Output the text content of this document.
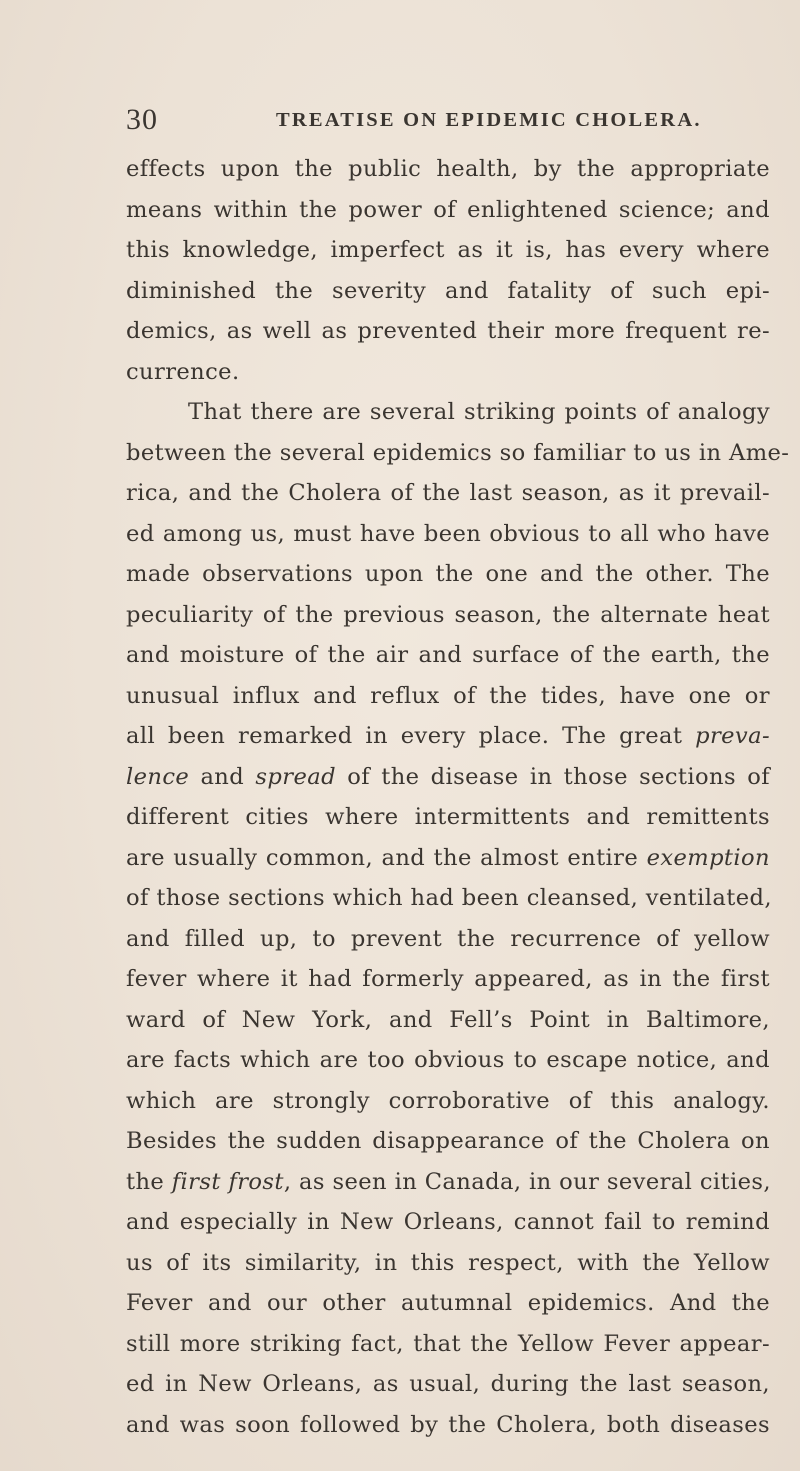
30	TREATISE ON EPIDEMIC CHOLERA.
effects upon the public health, by the appropriate
means within the power of enlightened science; and
this knowledge, imperfect as it is, has every where
diminished the severity and fatality of such epi-
demics, as well as prevented their more frequent re-
currence.
That there are several striking points of analogy
between the several epidemics so familiar to us in Ame-
rica, and the Cholera of the last season, as it prevail-
ed among us, must have been obvious to all who have
made observations upon the one and the other. The
peculiarity of the previous season, the alternate heat
and moisture of the air and surface of the earth, the
unusual influx and reflux of the tides, have one or
all been remarked in every place. The great preva-
lence and spread of the disease in those sections of
different cities where intermittents and remittents
are usually common, and the almost entire exemption
of those sections which had been cleansed, ventilated,
and filled up, to prevent the recurrence of yellow
fever where it had formerly appeared, as in the first
ward of New York, and Fell’s Point in Baltimore,
are facts which are too obvious to escape notice, and
which are strongly corroborative of this analogy.
Besides the sudden disappearance of the Cholera on
the first frost, as seen in Canada, in our several cities,
and especially in New Orleans, cannot fail to remind
us of its similarity, in this respect, with the Yellow
Fever and our other autumnal epidemics. And the
still more striking fact, that the Yellow Fever appear-
ed in New Orleans, as usual, during the last season,
and was soon followed by the Cholera, both diseases
